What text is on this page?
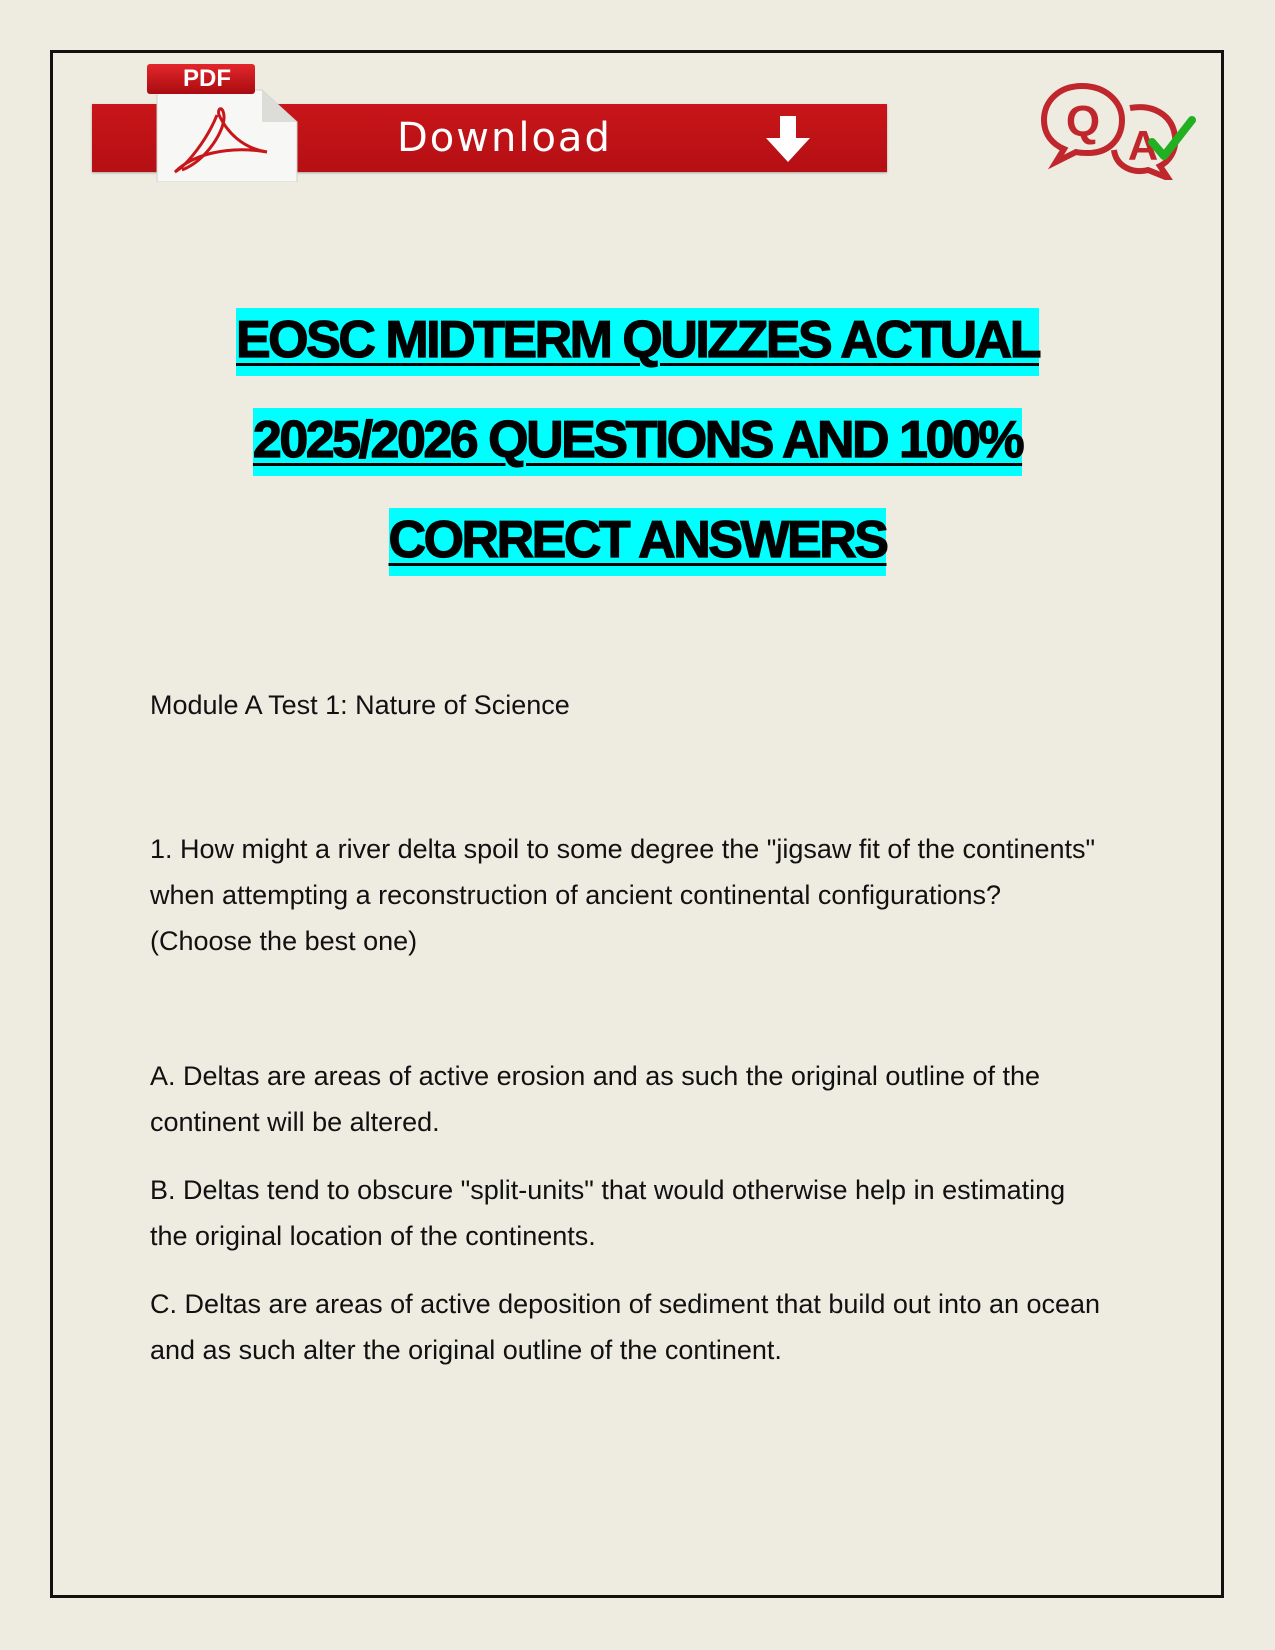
PDF
Download	Q A
EOSC MIDTERM QUIZZES ACTUAL
2025/2026 QUESTIONS AND 100%
CORRECT ANSWERS
Module A Test 1: Nature of Science
1. How might a river delta spoil to some degree the "jigsaw fit of the continents" when attempting a reconstruction of ancient continental configurations? (Choose the best one)
A. Deltas are areas of active erosion and as such the original outline of the continent will be altered.
B. Deltas tend to obscure "split-units" that would otherwise help in estimating the original location of the continents.
C. Deltas are areas of active deposition of sediment that build out into an ocean and as such alter the original outline of the continent.
